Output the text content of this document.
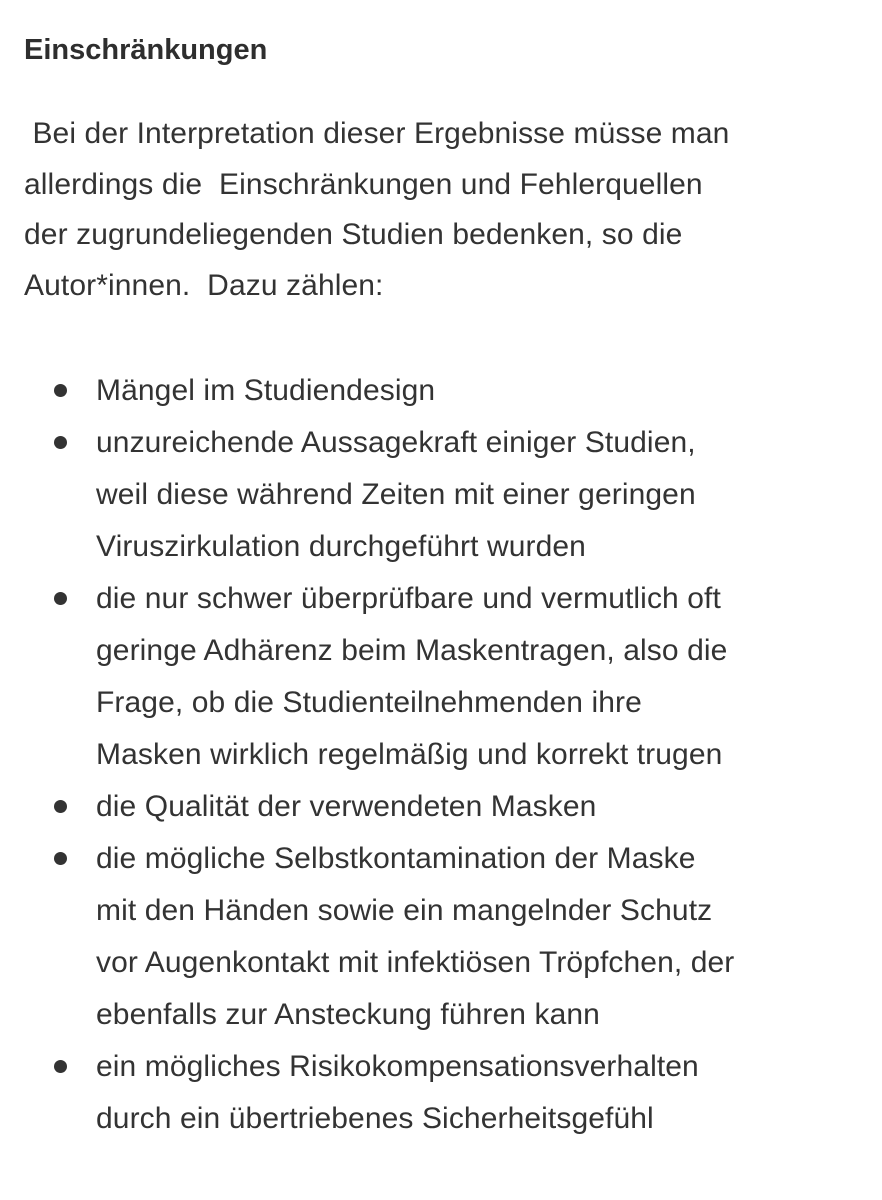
Einschränkungen

Bei der Interpretation dieser Ergebnisse müsse man
allerdings die  Einschränkungen und Fehlerquellen
der zugrundeliegenden Studien bedenken, so die
Autor*innen.  Dazu zählen:

Mängel im Studiendesign
unzureichende Aussagekraft einiger Studien,
weil diese während Zeiten mit einer geringen
Viruszirkulation durchgeführt wurden
die nur schwer überprüfbare und vermutlich oft
geringe Adhärenz beim Maskentragen, also die
Frage, ob die Studienteilnehmenden ihre
Masken wirklich regelmäßig und korrekt trugen
die Qualität der verwendeten Masken
die mögliche Selbstkontamination der Maske
mit den Händen sowie ein mangelnder Schutz
vor Augenkontakt mit infektiösen Tröpfchen, der
ebenfalls zur Ansteckung führen kann
ein mögliches Risikokompensationsverhalten
durch ein übertriebenes Sicherheitsgefühl
